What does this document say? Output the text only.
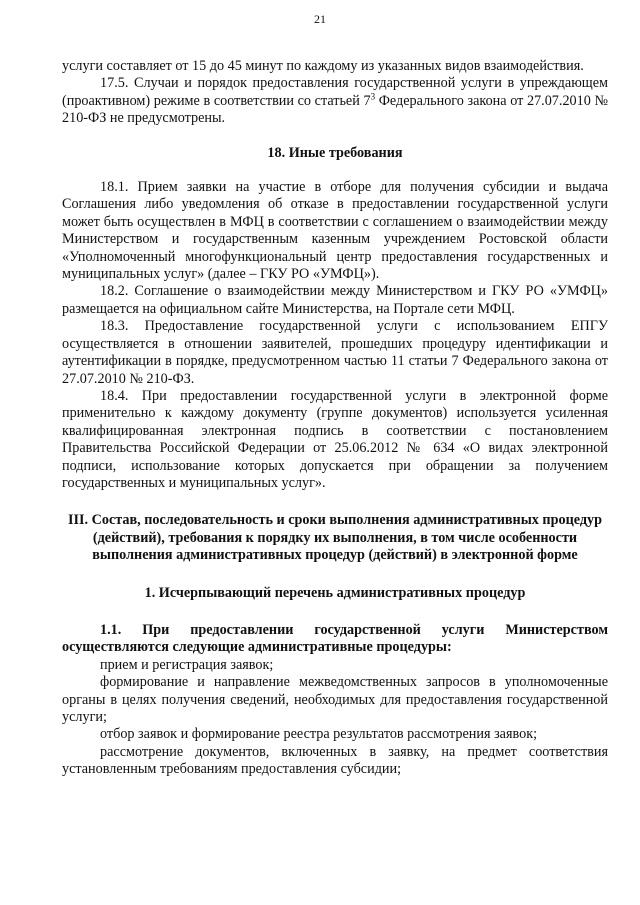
21

услуги составляет от 15 до 45 минут по каждому из указанных видов взаимодействия.

17.5. Случаи и порядок предоставления государственной услуги в упреждающем (проактивном) режиме в соответствии со статьей $7^3$ Федерального закона от 27.07.2010 № 210-ФЗ не предусмотрены.

18. Иные требования

18.1. Прием заявки на участие в отборе для получения субсидии и выдача Соглашения либо уведомления об отказе в предоставлении государственной услуги может быть осуществлен в МФЦ в соответствии с соглашением о взаимодействии между Министерством и государственным казенным учреждением Ростовской области «Уполномоченный многофункциональный центр предоставления государственных и муниципальных услуг» (далее – ГКУ РО «УМФЦ»).

18.2. Соглашение о взаимодействии между Министерством и ГКУ РО «УМФЦ» размещается на официальном сайте Министерства, на Портале сети МФЦ.

18.3. Предоставление государственной услуги с использованием ЕПГУ осуществляется в отношении заявителей, прошедших процедуру идентификации и аутентификации в порядке, предусмотренном частью 11 статьи 7 Федерального закона от 27.07.2010 № 210-ФЗ.

18.4. При предоставлении государственной услуги в электронной форме применительно к каждому документу (группе документов) используется усиленная квалифицированная электронная подпись в соответствии с постановлением Правительства Российской Федерации от 25.06.2012 № 634 «О видах электронной подписи, использование которых допускается при обращении за получением государственных и муниципальных услуг».

III. Состав, последовательность и сроки выполнения административных процедур (действий), требования к порядку их выполнения, в том числе особенности выполнения административных процедур (действий) в электронной форме

1. Исчерпывающий перечень административных процедур

1.1. При предоставлении государственной услуги Министерством осуществляются следующие административные процедуры:

прием и регистрация заявок;

формирование и направление межведомственных запросов в уполномоченные органы в целях получения сведений, необходимых для предоставления государственной услуги;

отбор заявок и формирование реестра результатов рассмотрения заявок;

рассмотрение документов, включенных в заявку, на предмет соответствия установленным требованиям предоставления субсидии;
